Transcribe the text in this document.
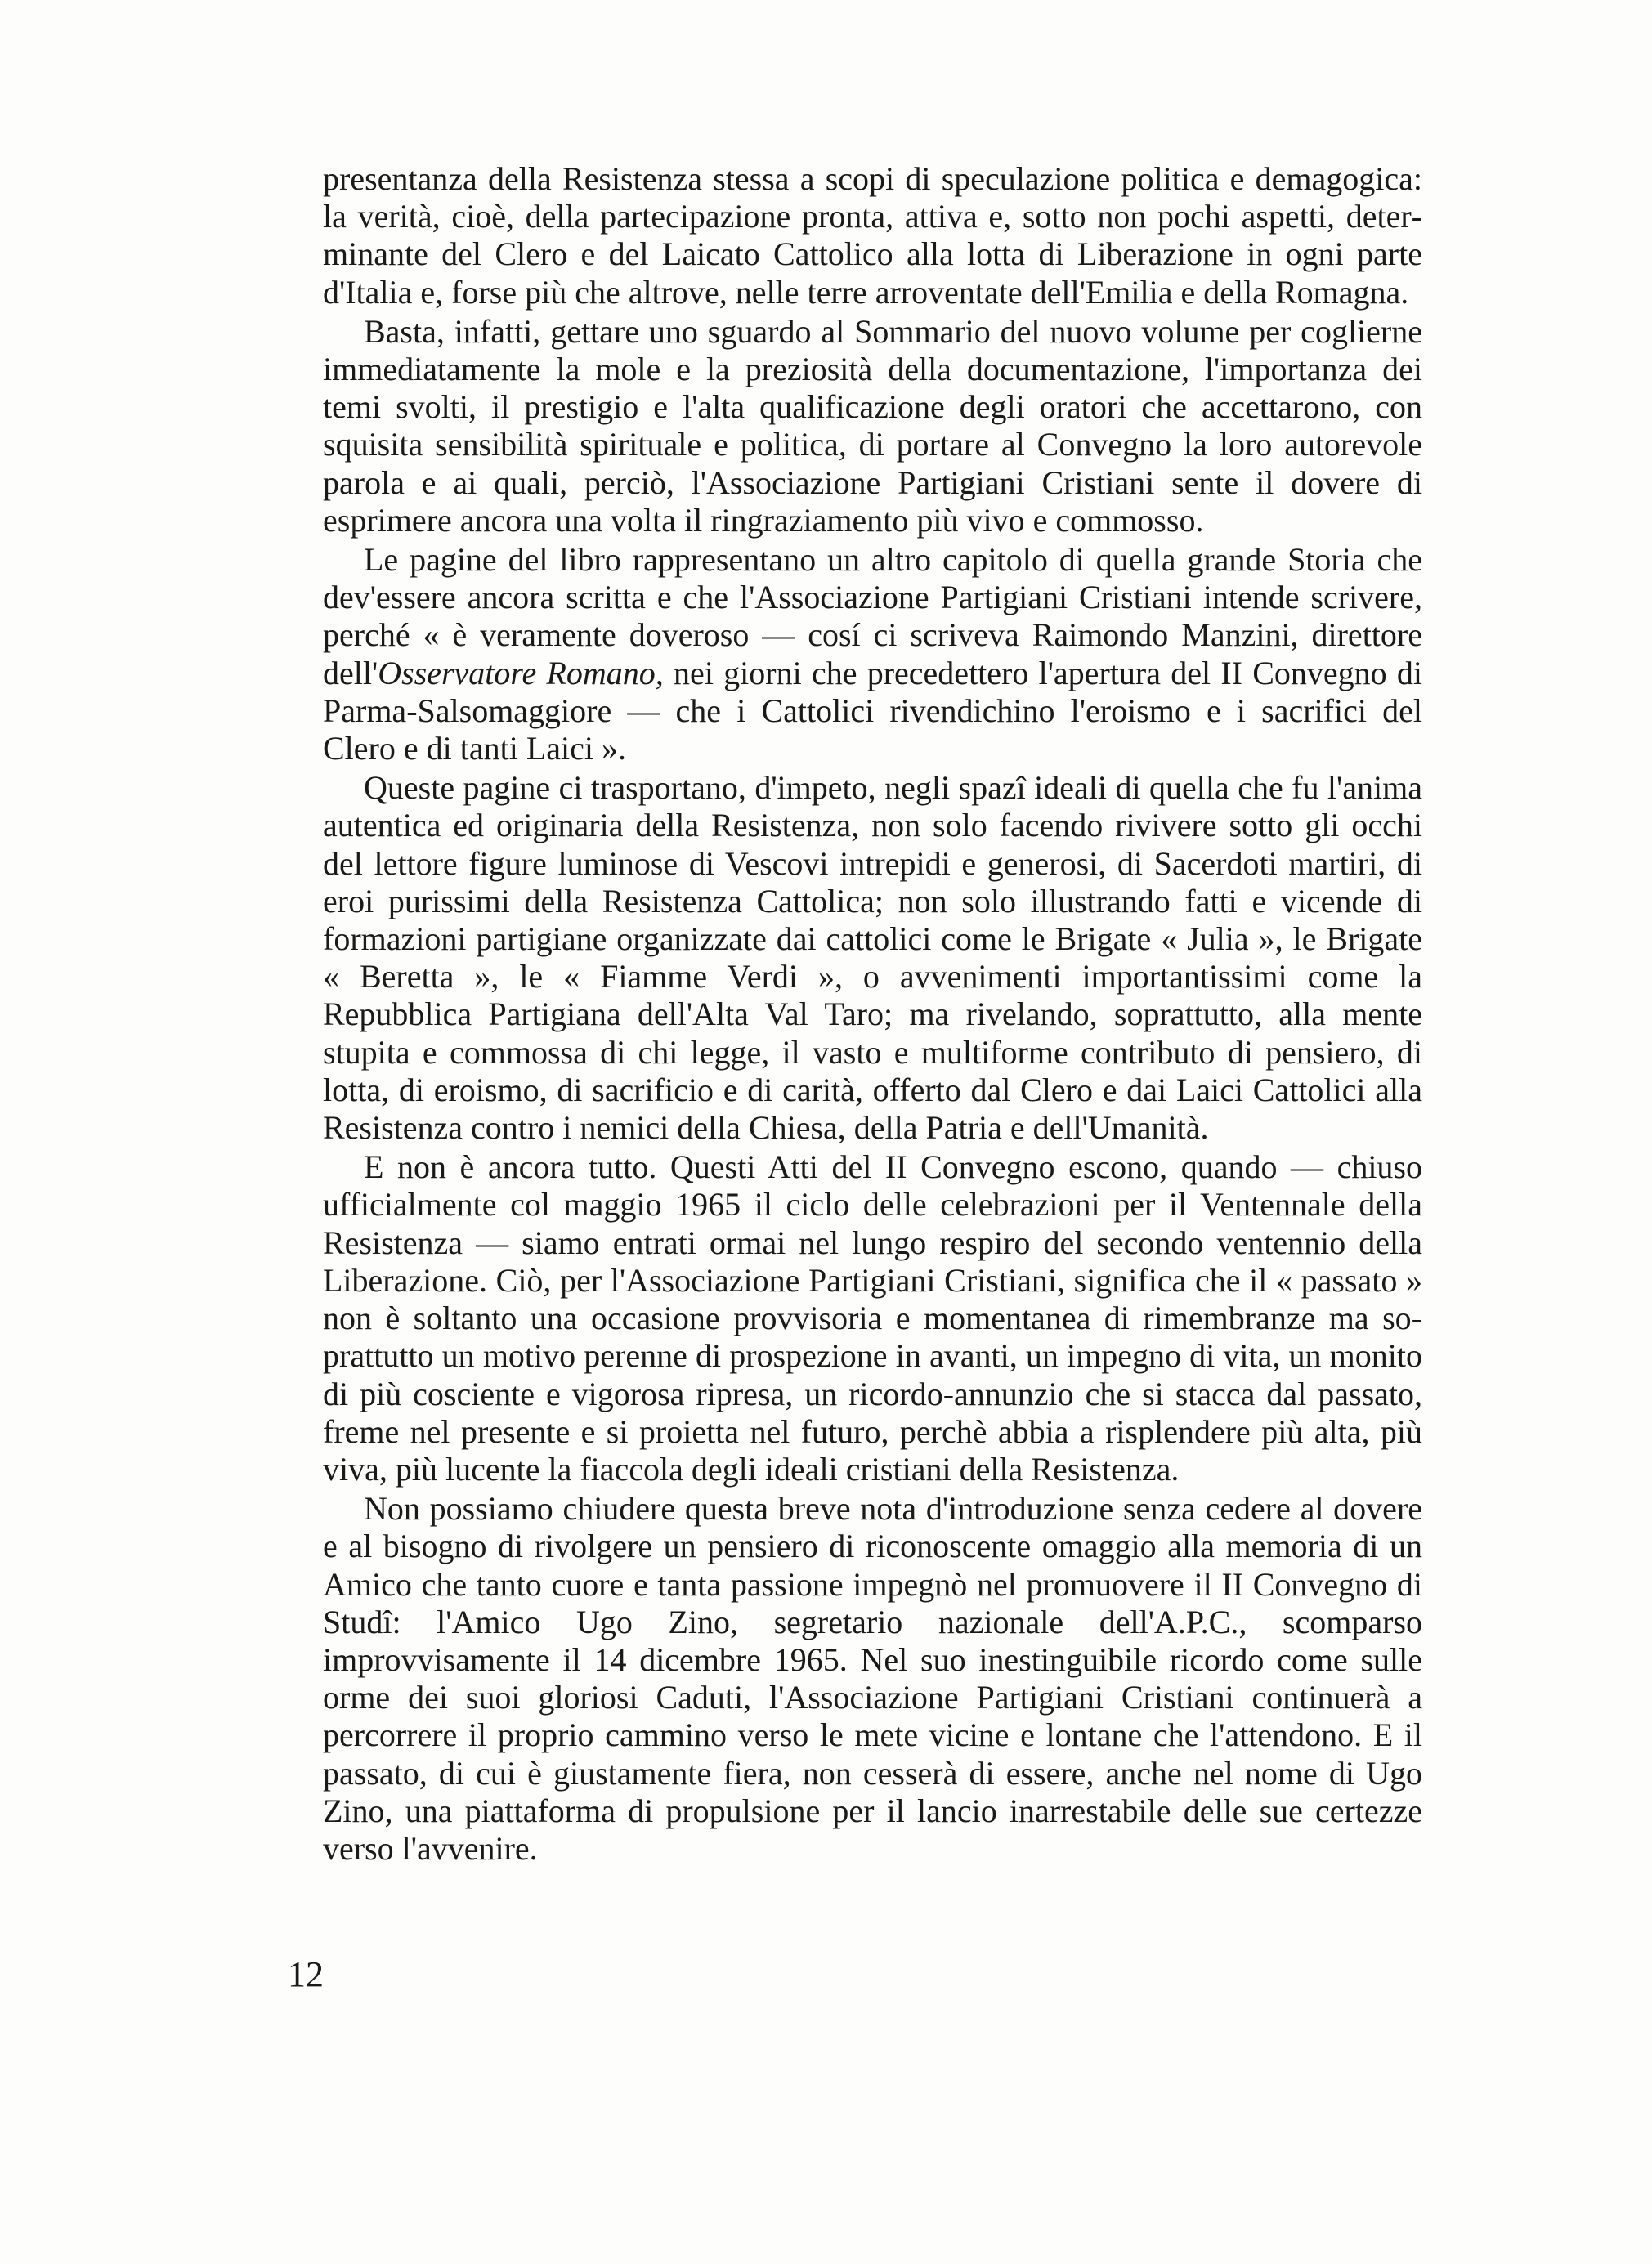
presentanza della Resistenza stessa a scopi di speculazione politica e demagogica: la verità, cioè, della partecipazione pronta, attiva e, sotto non pochi aspetti, determinante del Clero e del Laicato Cattolico alla lotta di Liberazione in ogni parte d'Italia e, forse più che altrove, nelle terre arroventate dell'Emilia e della Romagna.

Basta, infatti, gettare uno sguardo al Sommario del nuovo volume per coglierne immediatamente la mole e la preziosità della documentazione, l'importanza dei temi svolti, il prestigio e l'alta qualificazione degli oratori che accettarono, con squisita sensibilità spirituale e politica, di portare al Convegno la loro autorevole parola e ai quali, perciò, l'Associazione Partigiani Cristiani sente il dovere di esprimere ancora una volta il ringraziamento più vivo e commosso.

Le pagine del libro rappresentano un altro capitolo di quella grande Storia che dev'essere ancora scritta e che l'Associazione Partigiani Cristiani intende scrivere, perché « è veramente doveroso — cosí ci scriveva Raimondo Manzini, direttore dell'Osservatore Romano, nei giorni che precedettero l'apertura del II Convegno di Parma-Salsomaggiore — che i Cattolici rivendichino l'eroismo e i sacrifici del Clero e di tanti Laici ».

Queste pagine ci trasportano, d'impeto, negli spazî ideali di quella che fu l'anima autentica ed originaria della Resistenza, non solo facendo rivivere sotto gli occhi del lettore figure luminose di Vescovi intrepidi e generosi, di Sacerdoti martiri, di eroi purissimi della Resistenza Cattolica; non solo illustrando fatti e vicende di formazioni partigiane organizzate dai cattolici come le Brigate « Julia », le Brigate « Beretta », le « Fiamme Verdi », o avvenimenti importantissimi come la Repubblica Partigiana dell'Alta Val Taro; ma rivelando, soprattutto, alla mente stupita e commossa di chi legge, il vasto e multiforme contributo di pensiero, di lotta, di eroismo, di sacrificio e di carità, offerto dal Clero e dai Laici Cattolici alla Resistenza contro i nemici della Chiesa, della Patria e dell'Umanità.

E non è ancora tutto. Questi Atti del II Convegno escono, quando — chiuso ufficialmente col maggio 1965 il ciclo delle celebrazioni per il Ventennale della Resistenza — siamo entrati ormai nel lungo respiro del secondo ventennio della Liberazione. Ciò, per l'Associazione Partigiani Cristiani, significa che il « passato » non è soltanto una occasione provvisoria e momentanea di rimembranze ma soprattutto un motivo perenne di prospezione in avanti, un impegno di vita, un monito di più cosciente e vigorosa ripresa, un ricordo-annunzio che si stacca dal passato, freme nel presente e si proietta nel futuro, perchè abbia a risplendere più alta, più viva, più lucente la fiaccola degli ideali cristiani della Resistenza.

Non possiamo chiudere questa breve nota d'introduzione senza cedere al dovere e al bisogno di rivolgere un pensiero di riconoscente omaggio alla memoria di un Amico che tanto cuore e tanta passione impegnò nel promuovere il II Convegno di Studî: l'Amico Ugo Zino, segretario nazionale dell'A.P.C., scomparso improvvisamente il 14 dicembre 1965. Nel suo inestinguibile ricordo come sulle orme dei suoi gloriosi Caduti, l'Associazione Partigiani Cristiani continuerà a percorrere il proprio cammino verso le mete vicine e lontane che l'attendono. E il passato, di cui è giustamente fiera, non cesserà di essere, anche nel nome di Ugo Zino, una piattaforma di propulsione per il lancio inarrestabile delle sue certezze verso l'avvenire.

12
